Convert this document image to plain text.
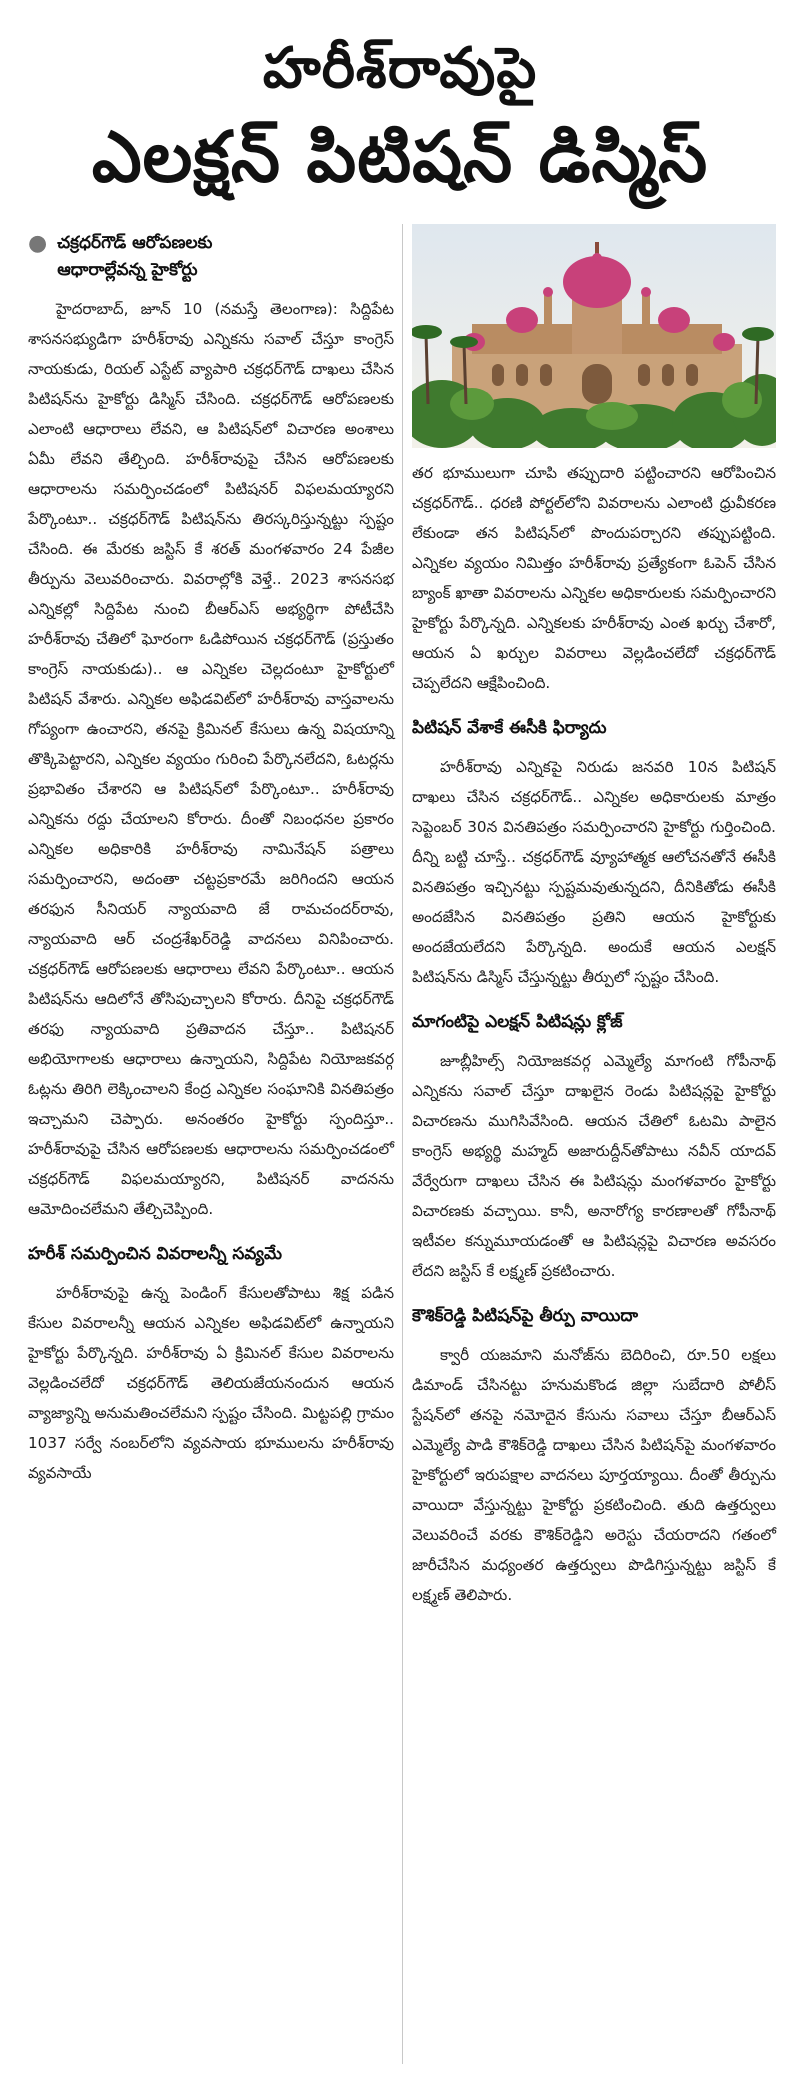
హరీశ్‌రావుపై
ఎలక్షన్ పిటిషన్ డిస్మిస్
● చక్రధర్‌గౌడ్ ఆరోపణలకు
ఆధారాల్లేవన్న హైకోర్టు

హైదరాబాద్, జూన్ 10 (నమస్తే తెలంగాణ): సిద్దిపేట శాసనసభ్యుడిగా హరీశ్‌రావు ఎన్నికను సవాల్ చేస్తూ కాంగ్రెస్ నాయకుడు, రియల్ ఎస్టేట్ వ్యాపారి చక్రధర్‌గౌడ్ దాఖలు చేసిన పిటిషన్‌ను హైకోర్టు డిస్మిస్ చేసింది. చక్రధర్‌గౌడ్ ఆరోపణలకు ఎలాంటి ఆధారాలు లేవని, ఆ పిటిషన్‌లో విచారణ అంశాలు ఏమీ లేవని తేల్చింది. హరీశ్‌రావుపై చేసిన ఆరోపణలకు ఆధారాలను సమర్పించడంలో పిటిషనర్ విఫలమయ్యారని పేర్కొంటూ.. చక్రధర్‌గౌడ్ పిటిషన్‌ను తిరస్కరిస్తున్నట్టు స్పష్టం చేసింది. ఈ మేరకు జస్టిస్ కే శరత్ మంగళవారం 24 పేజీల తీర్పును వెలువరించారు. వివరాల్లోకి వెళ్తే.. 2023 శాసనసభ ఎన్నికల్లో సిద్దిపేట నుంచి బీఆర్‌ఎస్ అభ్యర్థిగా పోటీచేసి హరీశ్‌రావు చేతిలో ఘోరంగా ఓడిపోయిన చక్రధర్‌గౌడ్ (ప్రస్తుతం కాంగ్రెస్ నాయకుడు).. ఆ ఎన్నికల చెల్లదంటూ హైకోర్టులో పిటిషన్ వేశారు. ఎన్నికల అఫిడవిట్‌లో హరీశ్‌రావు వాస్తవాలను గోప్యంగా ఉంచారని, తనపై క్రిమినల్ కేసులు ఉన్న విషయాన్ని తొక్కిపెట్టారని, ఎన్నికల వ్యయం గురించి పేర్కొనలేదని, ఓటర్లను ప్రభావితం చేశారని ఆ పిటిషన్‌లో పేర్కొంటూ.. హరీశ్‌రావు ఎన్నికను రద్దు చేయాలని కోరారు. దీంతో నిబంధనల ప్రకారం ఎన్నికల అధికారికి హరీశ్‌రావు నామినేషన్ పత్రాలు సమర్పించారని, అదంతా చట్టప్రకారమే జరిగిందని ఆయన తరఫున సీనియర్ న్యాయవాది జే రామచందర్‌రావు, న్యాయవాది ఆర్ చంద్రశేఖర్‌రెడ్డి వాదనలు వినిపించారు. చక్రధర్‌గౌడ్ ఆరోపణలకు ఆధారాలు లేవని పేర్కొంటూ.. ఆయన పిటిషన్‌ను ఆదిలోనే తోసిపుచ్చాలని కోరారు. దీనిపై చక్రధర్‌గౌడ్ తరఫు న్యాయవాది ప్రతివాదన చేస్తూ.. పిటిషనర్ అభియోగాలకు ఆధారాలు ఉన్నాయని, సిద్దిపేట నియోజకవర్గ ఓట్లను తిరిగి లెక్కించాలని కేంద్ర ఎన్నికల సంఘానికి వినతిపత్రం ఇచ్చామని చెప్పారు. అనంతరం హైకోర్టు స్పందిస్తూ.. హరీశ్‌రావుపై చేసిన ఆరోపణలకు ఆధారాలను సమర్పించడంలో చక్రధర్‌గౌడ్ విఫలమయ్యారని, పిటిషనర్ వాదనను ఆమోదించలేమని తేల్చిచెప్పింది.

హరీశ్ సమర్పించిన వివరాలన్నీ సవ్యమే

హరీశ్‌రావుపై ఉన్న పెండింగ్ కేసులతోపాటు శిక్ష పడిన కేసుల వివరాలన్నీ ఆయన ఎన్నికల అఫిడవిట్‌లో ఉన్నాయని హైకోర్టు పేర్కొన్నది. హరీశ్‌రావు ఏ క్రిమినల్ కేసుల వివరాలను వెల్లడించలేదో చక్రధర్‌గౌడ్ తెలియజేయనందున ఆయన వ్యాజ్యాన్ని అనుమతించలేమని స్పష్టం చేసింది. మిట్టపల్లి గ్రామం 1037 సర్వే నంబర్‌లోని వ్యవసాయ భూములను హరీశ్‌రావు వ్యవసాయే

తర భూములుగా చూపి తప్పుదారి పట్టించారని ఆరోపించిన చక్రధర్‌గౌడ్.. ధరణి పోర్టల్‌లోని వివరాలను ఎలాంటి ధ్రువీకరణ లేకుండా తన పిటిషన్‌లో పొందుపర్చారని తప్పుపట్టింది. ఎన్నికల వ్యయం నిమిత్తం హరీశ్‌రావు ప్రత్యేకంగా ఓపెన్ చేసిన బ్యాంక్ ఖాతా వివరాలను ఎన్నికల అధికారులకు సమర్పించారని హైకోర్టు పేర్కొన్నది. ఎన్నికలకు హరీశ్‌రావు ఎంత ఖర్చు చేశారో, ఆయన ఏ ఖర్చుల వివరాలు వెల్లడించలేదో చక్రధర్‌గౌడ్ చెప్పలేదని ఆక్షేపించింది.

పిటిషన్ వేశాకే ఈసీకి ఫిర్యాదు

హరీశ్‌రావు ఎన్నికపై నిరుడు జనవరి 10న పిటిషన్ దాఖలు చేసిన చక్రధర్‌గౌడ్.. ఎన్నికల అధికారులకు మాత్రం సెప్టెంబర్ 30న వినతిపత్రం సమర్పించారని హైకోర్టు గుర్తించింది. దీన్ని బట్టి చూస్తే.. చక్రధర్‌గౌడ్ వ్యూహాత్మక ఆలోచనతోనే ఈసీకి వినతిపత్రం ఇచ్చినట్టు స్పష్టమవుతున్నదని, దీనికితోడు ఈసీకి అందజేసిన వినతిపత్రం ప్రతిని ఆయన హైకోర్టుకు అందజేయలేదని పేర్కొన్నది. అందుకే ఆయన ఎలక్షన్ పిటిషన్‌ను డిస్మిస్ చేస్తున్నట్టు తీర్పులో స్పష్టం చేసింది.

మాగంటిపై ఎలక్షన్ పిటిషన్లు క్లోజ్

జూబ్లీహిల్స్ నియోజకవర్గ ఎమ్మెల్యే మాగంటి గోపీనాథ్ ఎన్నికను సవాల్ చేస్తూ దాఖలైన రెండు పిటిషన్లపై హైకోర్టు విచారణను ముగిసివేసింది. ఆయన చేతిలో ఓటమి పాలైన కాంగ్రెస్ అభ్యర్థి మహ్మద్ అజారుద్దీన్‌తోపాటు నవీన్ యాదవ్ వేర్వేరుగా దాఖలు చేసిన ఈ పిటిషన్లు మంగళవారం హైకోర్టు విచారణకు వచ్చాయి. కానీ, అనారోగ్య కారణాలతో గోపీనాథ్ ఇటీవల కన్నుమూయడంతో ఆ పిటిషన్లపై విచారణ అవసరం లేదని జస్టిస్ కే లక్ష్మణ్ ప్రకటించారు.

కౌశిక్‌రెడ్డి పిటిషన్‌పై తీర్పు వాయిదా

క్వారీ యజమాని మనోజ్‌ను బెదిరించి, రూ.50 లక్షలు డిమాండ్ చేసినట్టు హనుమకొండ జిల్లా సుబేదారి పోలీస్ స్టేషన్‌లో తనపై నమోదైన కేసును సవాలు చేస్తూ బీఆర్‌ఎస్ ఎమ్మెల్యే పాడి కౌశిక్‌రెడ్డి దాఖలు చేసిన పిటిషన్‌పై మంగళవారం హైకోర్టులో ఇరుపక్షాల వాదనలు పూర్తయ్యాయి. దీంతో తీర్పును వాయిదా వేస్తున్నట్టు హైకోర్టు ప్రకటించింది. తుది ఉత్తర్వులు వెలువరించే వరకు కౌశిక్‌రెడ్డిని అరెస్టు చేయరాదని గతంలో జారీచేసిన మధ్యంతర ఉత్తర్వులు పొడిగిస్తున్నట్టు జస్టిస్ కే లక్ష్మణ్ తెలిపారు.
